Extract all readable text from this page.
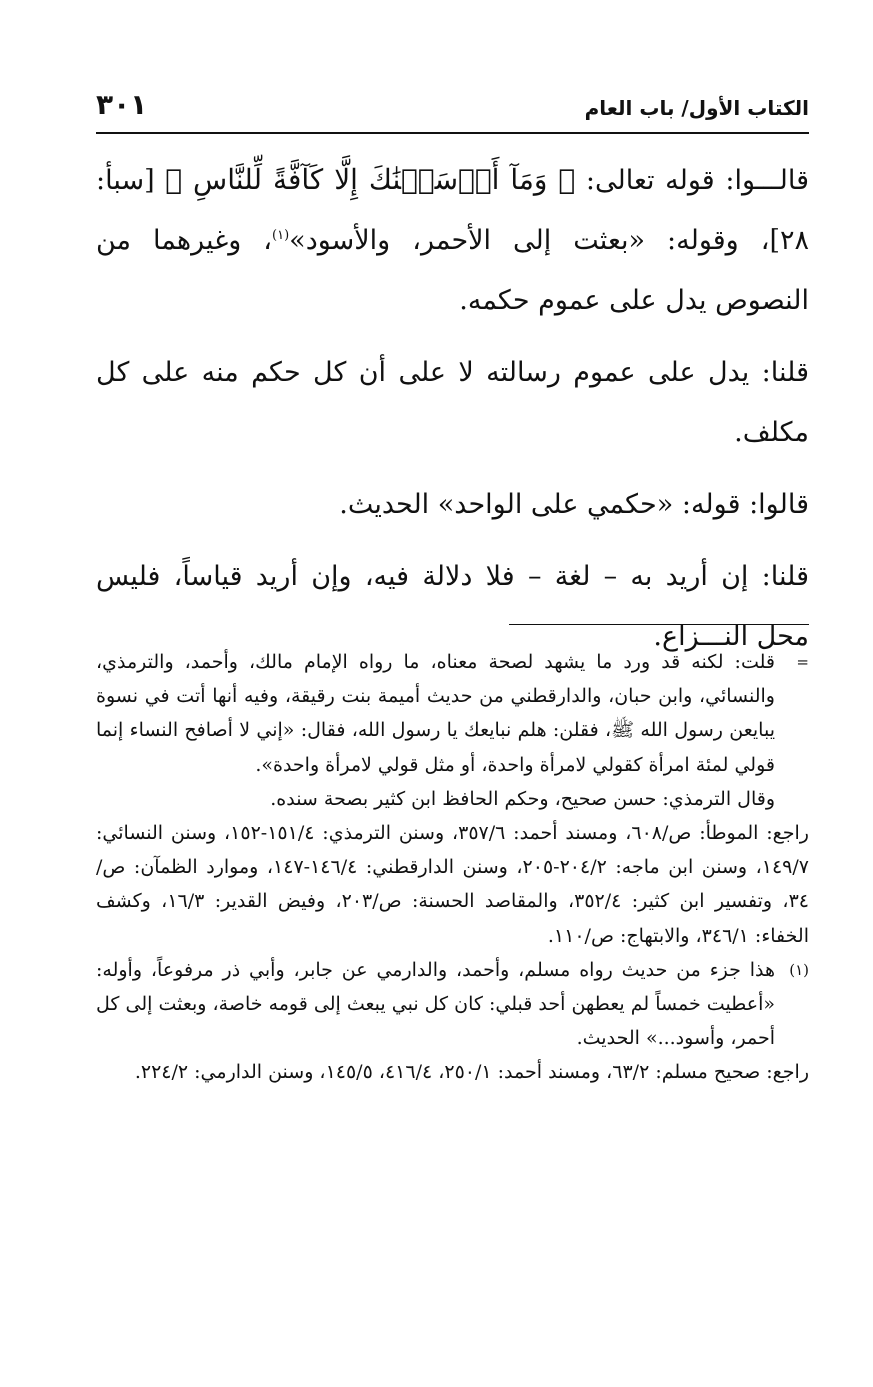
الكتاب الأول/ باب العام
٣٠١

قالـــوا: قوله تعالى: ﴿ وَمَآ أَرۡسَلۡنَٰكَ إِلَّا كَآفَّةً لِّلنَّاسِ ﴾ [سبأ: ٢٨]، وقوله: «بعثت إلى الأحمر، والأسود»$^{(١)}$، وغيرهما من النصوص يدل على عموم حكمه.

قلنا: يدل على عموم رسالته لا على أن كل حكم منه على كل مكلف.

قالوا: قوله: «حكمي على الواحد» الحديث.

قلنا: إن أريد به – لغة – فلا دلالة فيه، وإن أريد قياساً، فليس محل النـــزاع.

=
قلت: لكنه قد ورد ما يشهد لصحة معناه، ما رواه الإمام مالك، وأحمد، والترمذي، والنسائي، وابن حبان، والدارقطني من حديث أميمة بنت رقيقة، وفيه أنها أتت في نسوة يبايعن رسول الله ﷺ، فقلن: هلم نبايعك يا رسول الله، فقال: «إني لا أصافح النساء إنما قولي لمئة امرأة كقولي لامرأة واحدة، أو مثل قولي لامرأة واحدة».
وقال الترمذي: حسن صحيح، وحكم الحافظ ابن كثير بصحة سنده.
راجع: الموطأ: ص/٦٠٨، ومسند أحمد: ٣٥٧/٦، وسنن الترمذي: ١٥١/٤-١٥٢، وسنن النسائي: ١٤٩/٧، وسنن ابن ماجه: ٢٠٤/٢-٢٠٥، وسنن الدارقطني: ١٤٦/٤-١٤٧، وموارد الظمآن: ص/٣٤، وتفسير ابن كثير: ٣٥٢/٤، والمقاصد الحسنة: ص/٢٠٣، وفيض القدير: ١٦/٣، وكشف الخفاء: ٣٤٦/١، والابتهاج: ص/١١٠.
(١)
هذا جزء من حديث رواه مسلم، وأحمد، والدارمي عن جابر، وأبي ذر مرفوعاً، وأوله: «أعطيت خمساً لم يعطهن أحد قبلي: كان كل نبي يبعث إلى قومه خاصة، وبعثت إلى كل أحمر، وأسود...» الحديث.
راجع: صحيح مسلم: ٦٣/٢، ومسند أحمد: ٢٥٠/١، ٤١٦/٤، ١٤٥/٥، وسنن الدارمي: ٢٢٤/٢.
